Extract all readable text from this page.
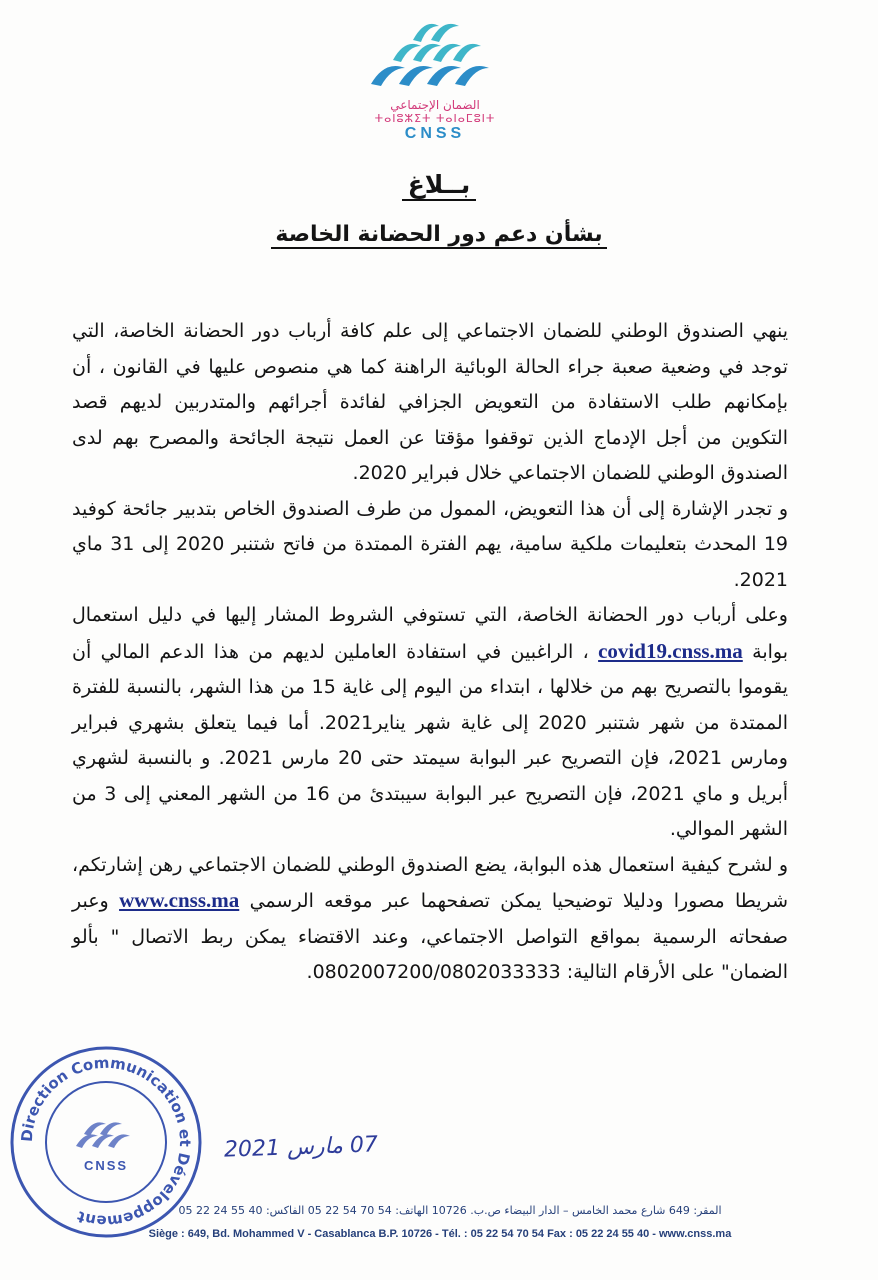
الضمان الإجتماعي
ⵜⴰⵏⵓⵣⵉⵜ ⵜⴰⵏⴰⵎⵓⵏⵜ
CNSS
بــلاغ
بشأن دعم دور الحضانة الخاصة

ينهي الصندوق الوطني للضمان الاجتماعي إلى علم كافة أرباب دور الحضانة الخاصة، التي توجد في وضعية صعبة جراء الحالة الوبائية الراهنة كما هي منصوص عليها في القانون ، أن بإمكانهم طلب الاستفادة من التعويض الجزافي لفائدة أجرائهم والمتدربين لديهم قصد التكوين من أجل الإدماج الذين توقفوا مؤقتا عن العمل نتيجة الجائحة والمصرح بهم لدى الصندوق الوطني للضمان الاجتماعي خلال فبراير 2020.

و تجدر الإشارة إلى أن هذا التعويض، الممول من طرف الصندوق الخاص بتدبير جائحة كوفيد 19 المحدث بتعليمات ملكية سامية، يهم الفترة الممتدة من فاتح شتنبر 2020 إلى 31 ماي 2021.

وعلى أرباب دور الحضانة الخاصة، التي تستوفي الشروط المشار إليها في دليل استعمال بوابة covid19.cnss.ma ، الراغبين في استفادة العاملين لديهم من هذا الدعم المالي أن يقوموا بالتصريح بهم من خلالها ، ابتداء من اليوم إلى غاية 15 من هذا الشهر، بالنسبة للفترة الممتدة من شهر شتنبر 2020 إلى غاية شهر يناير2021. أما فيما يتعلق بشهري فبراير ومارس 2021، فإن التصريح عبر البوابة سيمتد حتى 20 مارس 2021. و بالنسبة لشهري أبريل و ماي 2021، فإن التصريح عبر البوابة سيبتدئ من 16 من الشهر المعني إلى 3 من الشهر الموالي.

و لشرح كيفية استعمال هذه البوابة، يضع الصندوق الوطني للضمان الاجتماعي رهن إشارتكم، شريطا مصورا ودليلا توضيحيا يمكن تصفحهما عبر موقعه الرسمي www.cnss.ma وعبر صفحاته الرسمية بمواقع التواصل الاجتماعي، وعند الاقتضاء يمكن ربط الاتصال " بألو الضمان" على الأرقام التالية: 0802007200/0802033333.

Direction Communication et Développement
CNSS
07 مارس 2021
المقر: 649 شارع محمد الخامس – الدار البيضاء ص.ب. 10726 الهاتف: 54 70 54 22 05 الفاكس: 40 55 24 22 05
Siège : 649, Bd. Mohammed V - Casablanca B.P. 10726 - Tél. : 05 22 54 70 54 Fax : 05 22 24 55 40 - www.cnss.ma
